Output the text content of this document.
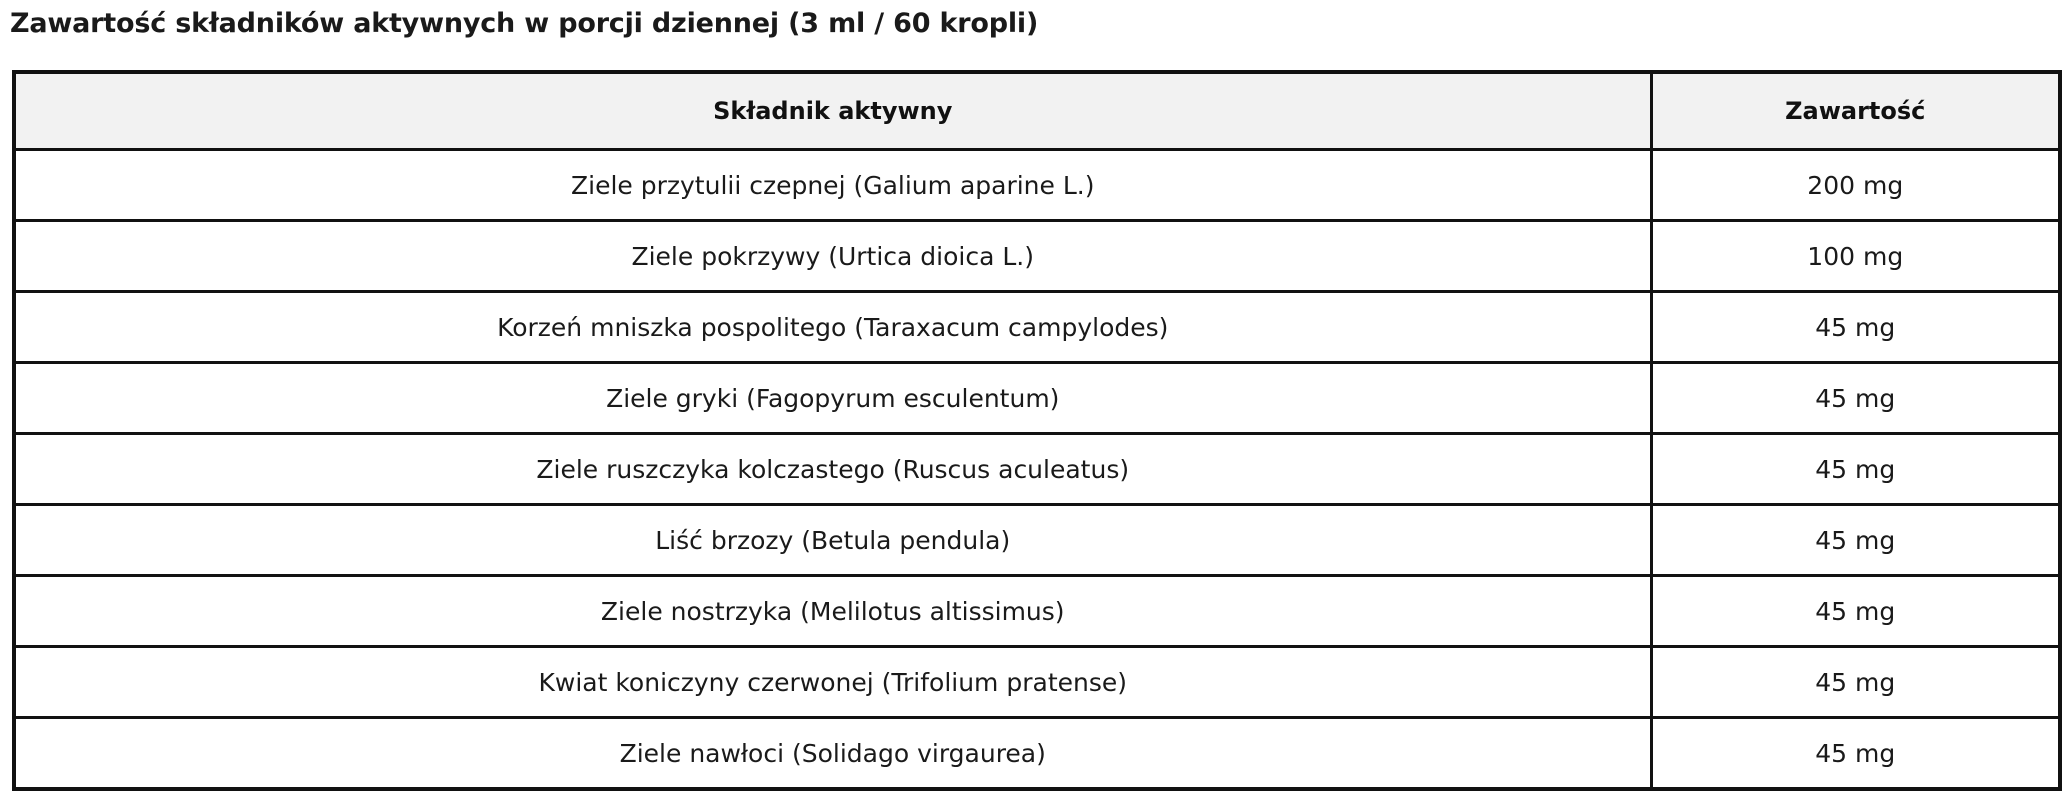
Zawartość składników aktywnych w porcji dziennej (3 ml / 60 kropli)
Składnik aktywny	Zawartość
Ziele przytulii czepnej (Galium aparine L.)	200 mg
Ziele pokrzywy (Urtica dioica L.)	100 mg
Korzeń mniszka pospolitego (Taraxacum campylodes)	45 mg
Ziele gryki (Fagopyrum esculentum)	45 mg
Ziele ruszczyka kolczastego (Ruscus aculeatus)	45 mg
Liść brzozy (Betula pendula)	45 mg
Ziele nostrzyka (Melilotus altissimus)	45 mg
Kwiat koniczyny czerwonej (Trifolium pratense)	45 mg
Ziele nawłoci (Solidago virgaurea)	45 mg
